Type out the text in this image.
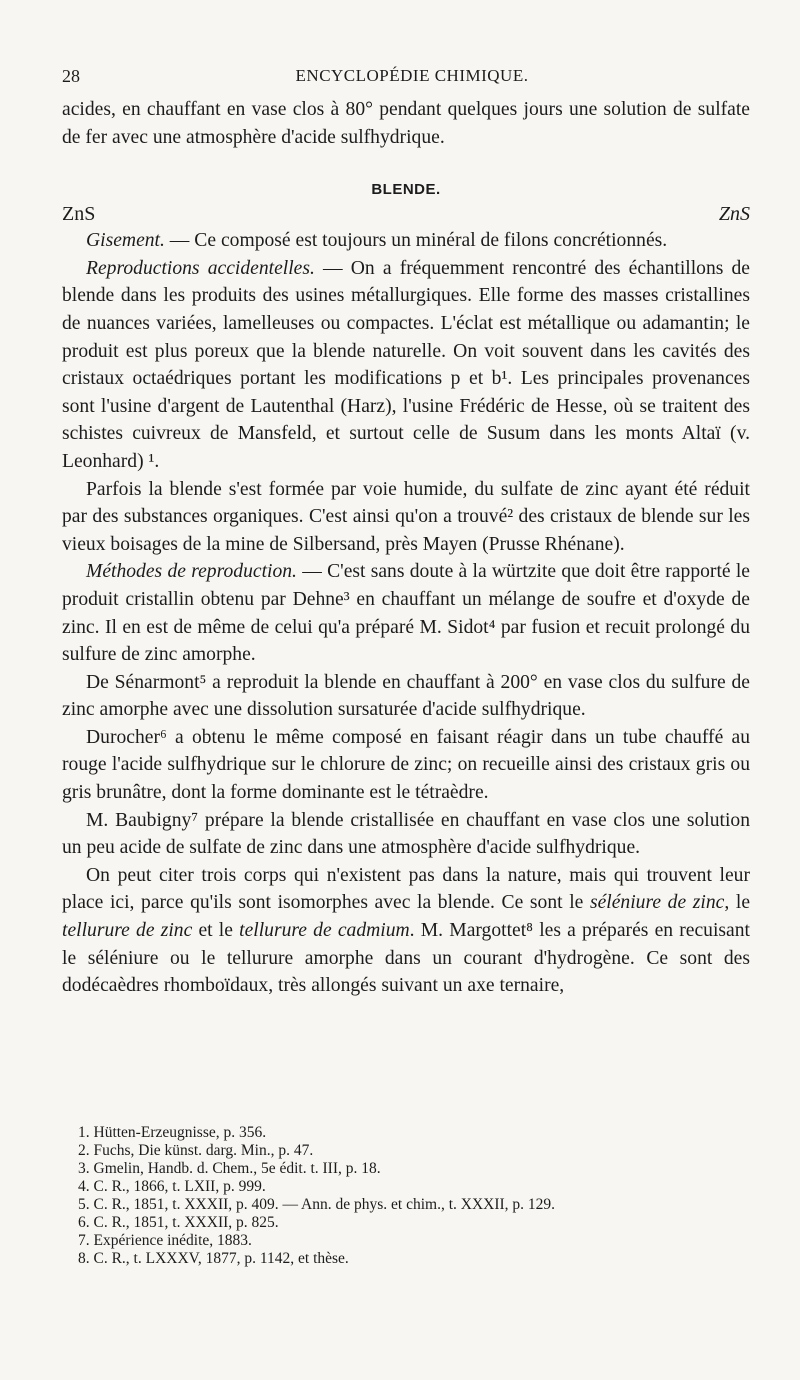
28	ENCYCLOPÉDIE CHIMIQUE.

acides, en chauffant en vase clos à 80° pendant quelques jours une solution de sulfate de fer avec une atmosphère d'acide sulfhydrique.

BLENDE.
ZnS	ZnS

Gisement. — Ce composé est toujours un minéral de filons concrétionnés.

Reproductions accidentelles. — On a fréquemment rencontré des échantillons de blende dans les produits des usines métallurgiques. Elle forme des masses cristallines de nuances variées, lamelleuses ou compactes. L'éclat est métallique ou adamantin; le produit est plus poreux que la blende naturelle. On voit souvent dans les cavités des cristaux octaédriques portant les modifications p et b¹. Les principales provenances sont l'usine d'argent de Lautenthal (Harz), l'usine Frédéric de Hesse, où se traitent des schistes cuivreux de Mansfeld, et surtout celle de Susum dans les monts Altaï (v. Leonhard) ¹.

Parfois la blende s'est formée par voie humide, du sulfate de zinc ayant été réduit par des substances organiques. C'est ainsi qu'on a trouvé² des cristaux de blende sur les vieux boisages de la mine de Silbersand, près Mayen (Prusse Rhénane).

Méthodes de reproduction. — C'est sans doute à la würtzite que doit être rapporté le produit cristallin obtenu par Dehne³ en chauffant un mélange de soufre et d'oxyde de zinc. Il en est de même de celui qu'a préparé M. Sidot⁴ par fusion et recuit prolongé du sulfure de zinc amorphe.

De Sénarmont⁵ a reproduit la blende en chauffant à 200° en vase clos du sulfure de zinc amorphe avec une dissolution sursaturée d'acide sulfhydrique.

Durocher⁶ a obtenu le même composé en faisant réagir dans un tube chauffé au rouge l'acide sulfhydrique sur le chlorure de zinc; on recueille ainsi des cristaux gris ou gris brunâtre, dont la forme dominante est le tétraèdre.

M. Baubigny⁷ prépare la blende cristallisée en chauffant en vase clos une solution un peu acide de sulfate de zinc dans une atmosphère d'acide sulfhydrique.

On peut citer trois corps qui n'existent pas dans la nature, mais qui trouvent leur place ici, parce qu'ils sont isomorphes avec la blende. Ce sont le séléniure de zinc, le tellurure de zinc et le tellurure de cadmium. M. Margottet⁸ les a préparés en recuisant le séléniure ou le tellurure amorphe dans un courant d'hydrogène. Ce sont des dodécaèdres rhomboïdaux, très allongés suivant un axe ternaire,

1. Hütten-Erzeugnisse, p. 356.
2. Fuchs, Die künst. darg. Min., p. 47.
3. Gmelin, Handb. d. Chem., 5e édit. t. III, p. 18.
4. C. R., 1866, t. LXII, p. 999.
5. C. R., 1851, t. XXXII, p. 409. — Ann. de phys. et chim., t. XXXII, p. 129.
6. C. R., 1851, t. XXXII, p. 825.
7. Expérience inédite, 1883.
8. C. R., t. LXXXV, 1877, p. 1142, et thèse.
